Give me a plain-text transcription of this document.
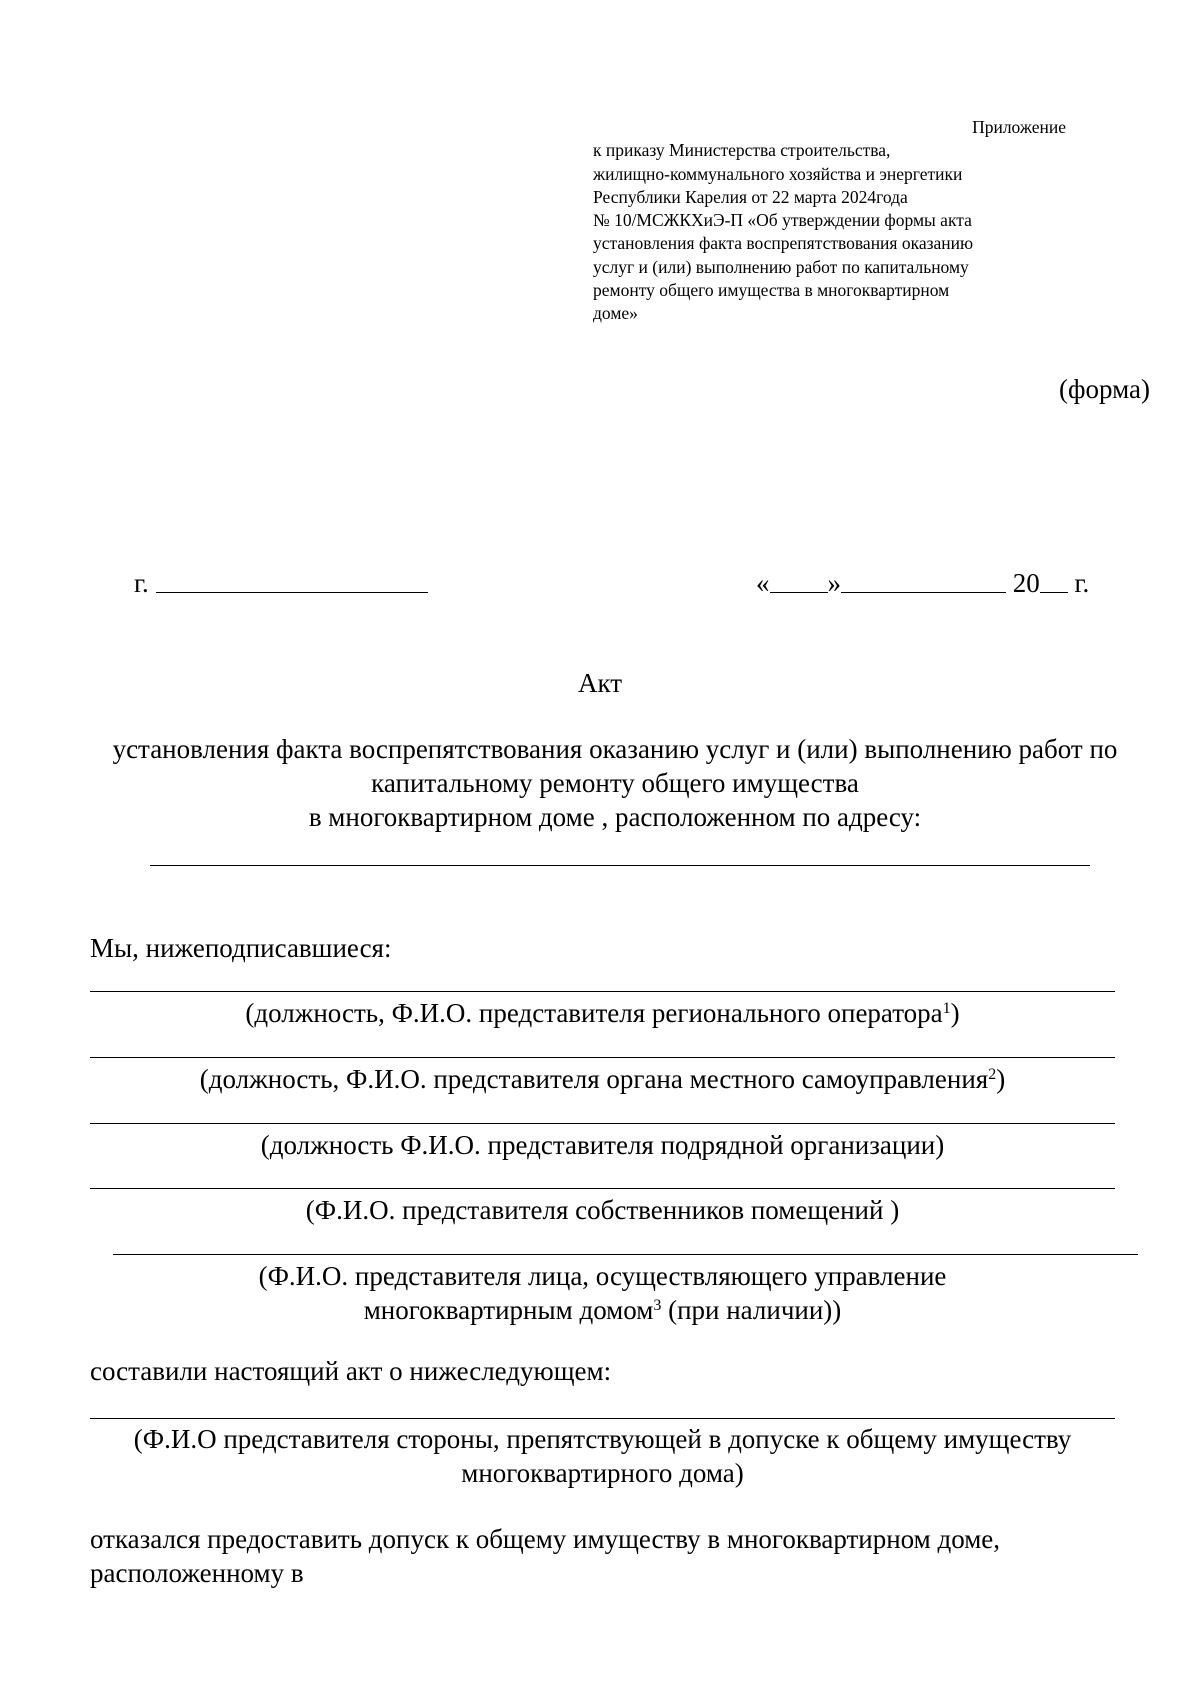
Приложение
к приказу Министерства строительства,
жилищно-коммунального хозяйства и энергетики
Республики Карелия от 22 марта 2024года
№ 10/МСЖКХиЭ-П «Об утверждении формы акта
установления факта воспрепятствования оказанию
услуг и (или) выполнению работ по капитальному
ремонту общего имущества в многоквартирном
доме»
(форма)
г.	« »	20 г.
Акт
установления факта воспрепятствования оказанию услуг и (или) выполнению работ по
капитальному ремонту общего имущества
в многоквартирном доме , расположенном по адресу:
Мы, нижеподписавшиеся:
(должность, Ф.И.О. представителя регионального оператора$^1$)
(должность, Ф.И.О. представителя органа местного самоуправления$^2$)
(должность Ф.И.О. представителя подрядной организации)
(Ф.И.О. представителя собственников помещений )
(Ф.И.О. представителя лица, осуществляющего управление
многоквартирным домом$^3$ (при наличии))
составили настоящий акт о нижеследующем:
(Ф.И.О представителя стороны, препятствующей в допуске к общему имуществу
многоквартирного дома)
отказался предоставить допуск к общему имуществу в многоквартирном доме,
расположенному в
